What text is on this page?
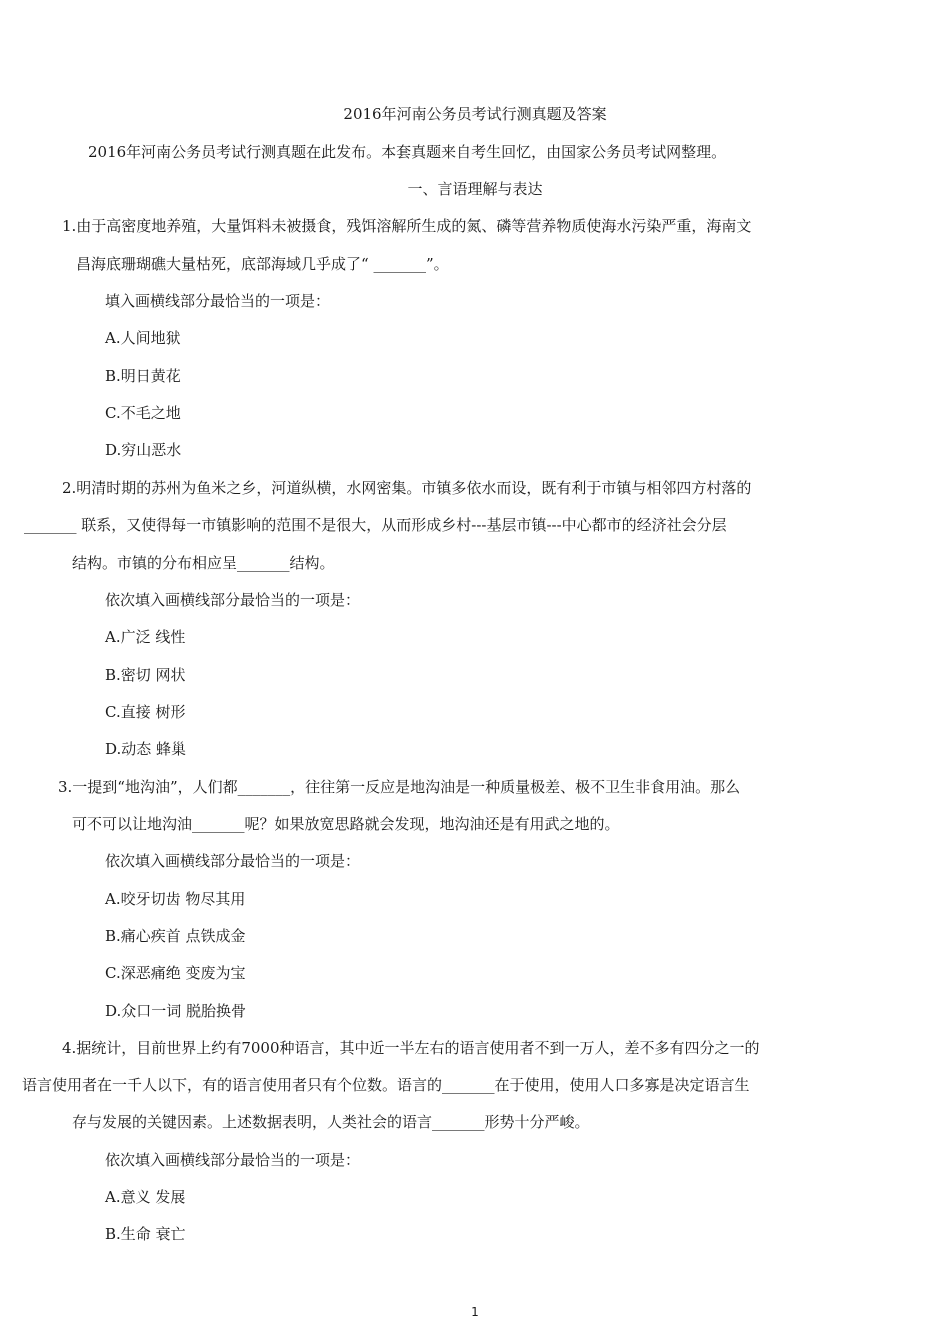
2016年河南公务员考试行测真题及答案
2016年河南公务员考试行测真题在此发布。本套真题来自考生回忆，由国家公务员考试网整理。
一、言语理解与表达
1.由于高密度地养殖，大量饵料未被摄食，残饵溶解所生成的氮、磷等营养物质使海水污染严重，海南文
昌海底珊瑚礁大量枯死，底部海域几乎成了“ _______”。
填入画横线部分最恰当的一项是：
A.人间地狱
B.明日黄花
C.不毛之地
D.穷山恶水
2.明清时期的苏州为鱼米之乡，河道纵横，水网密集。市镇多依水而设，既有利于市镇与相邻四方村落的
_______ 联系，又使得每一市镇影响的范围不是很大，从而形成乡村---基层市镇---中心都市的经济社会分层
结构。市镇的分布相应呈_______结构。
依次填入画横线部分最恰当的一项是：
A.广泛 线性
B.密切 网状
C.直接 树形
D.动态 蜂巢
3.一提到“地沟油”，人们都_______，往往第一反应是地沟油是一种质量极差、极不卫生非食用油。那么
可不可以让地沟油_______呢？如果放宽思路就会发现，地沟油还是有用武之地的。
依次填入画横线部分最恰当的一项是：
A.咬牙切齿 物尽其用
B.痛心疾首 点铁成金
C.深恶痛绝 变废为宝
D.众口一词 脱胎换骨
4.据统计，目前世界上约有7000种语言，其中近一半左右的语言使用者不到一万人，差不多有四分之一的
语言使用者在一千人以下，有的语言使用者只有个位数。语言的_______在于使用，使用人口多寡是决定语言生
存与发展的关键因素。上述数据表明，人类社会的语言_______形势十分严峻。
依次填入画横线部分最恰当的一项是：
A.意义 发展
B.生命 衰亡
1
